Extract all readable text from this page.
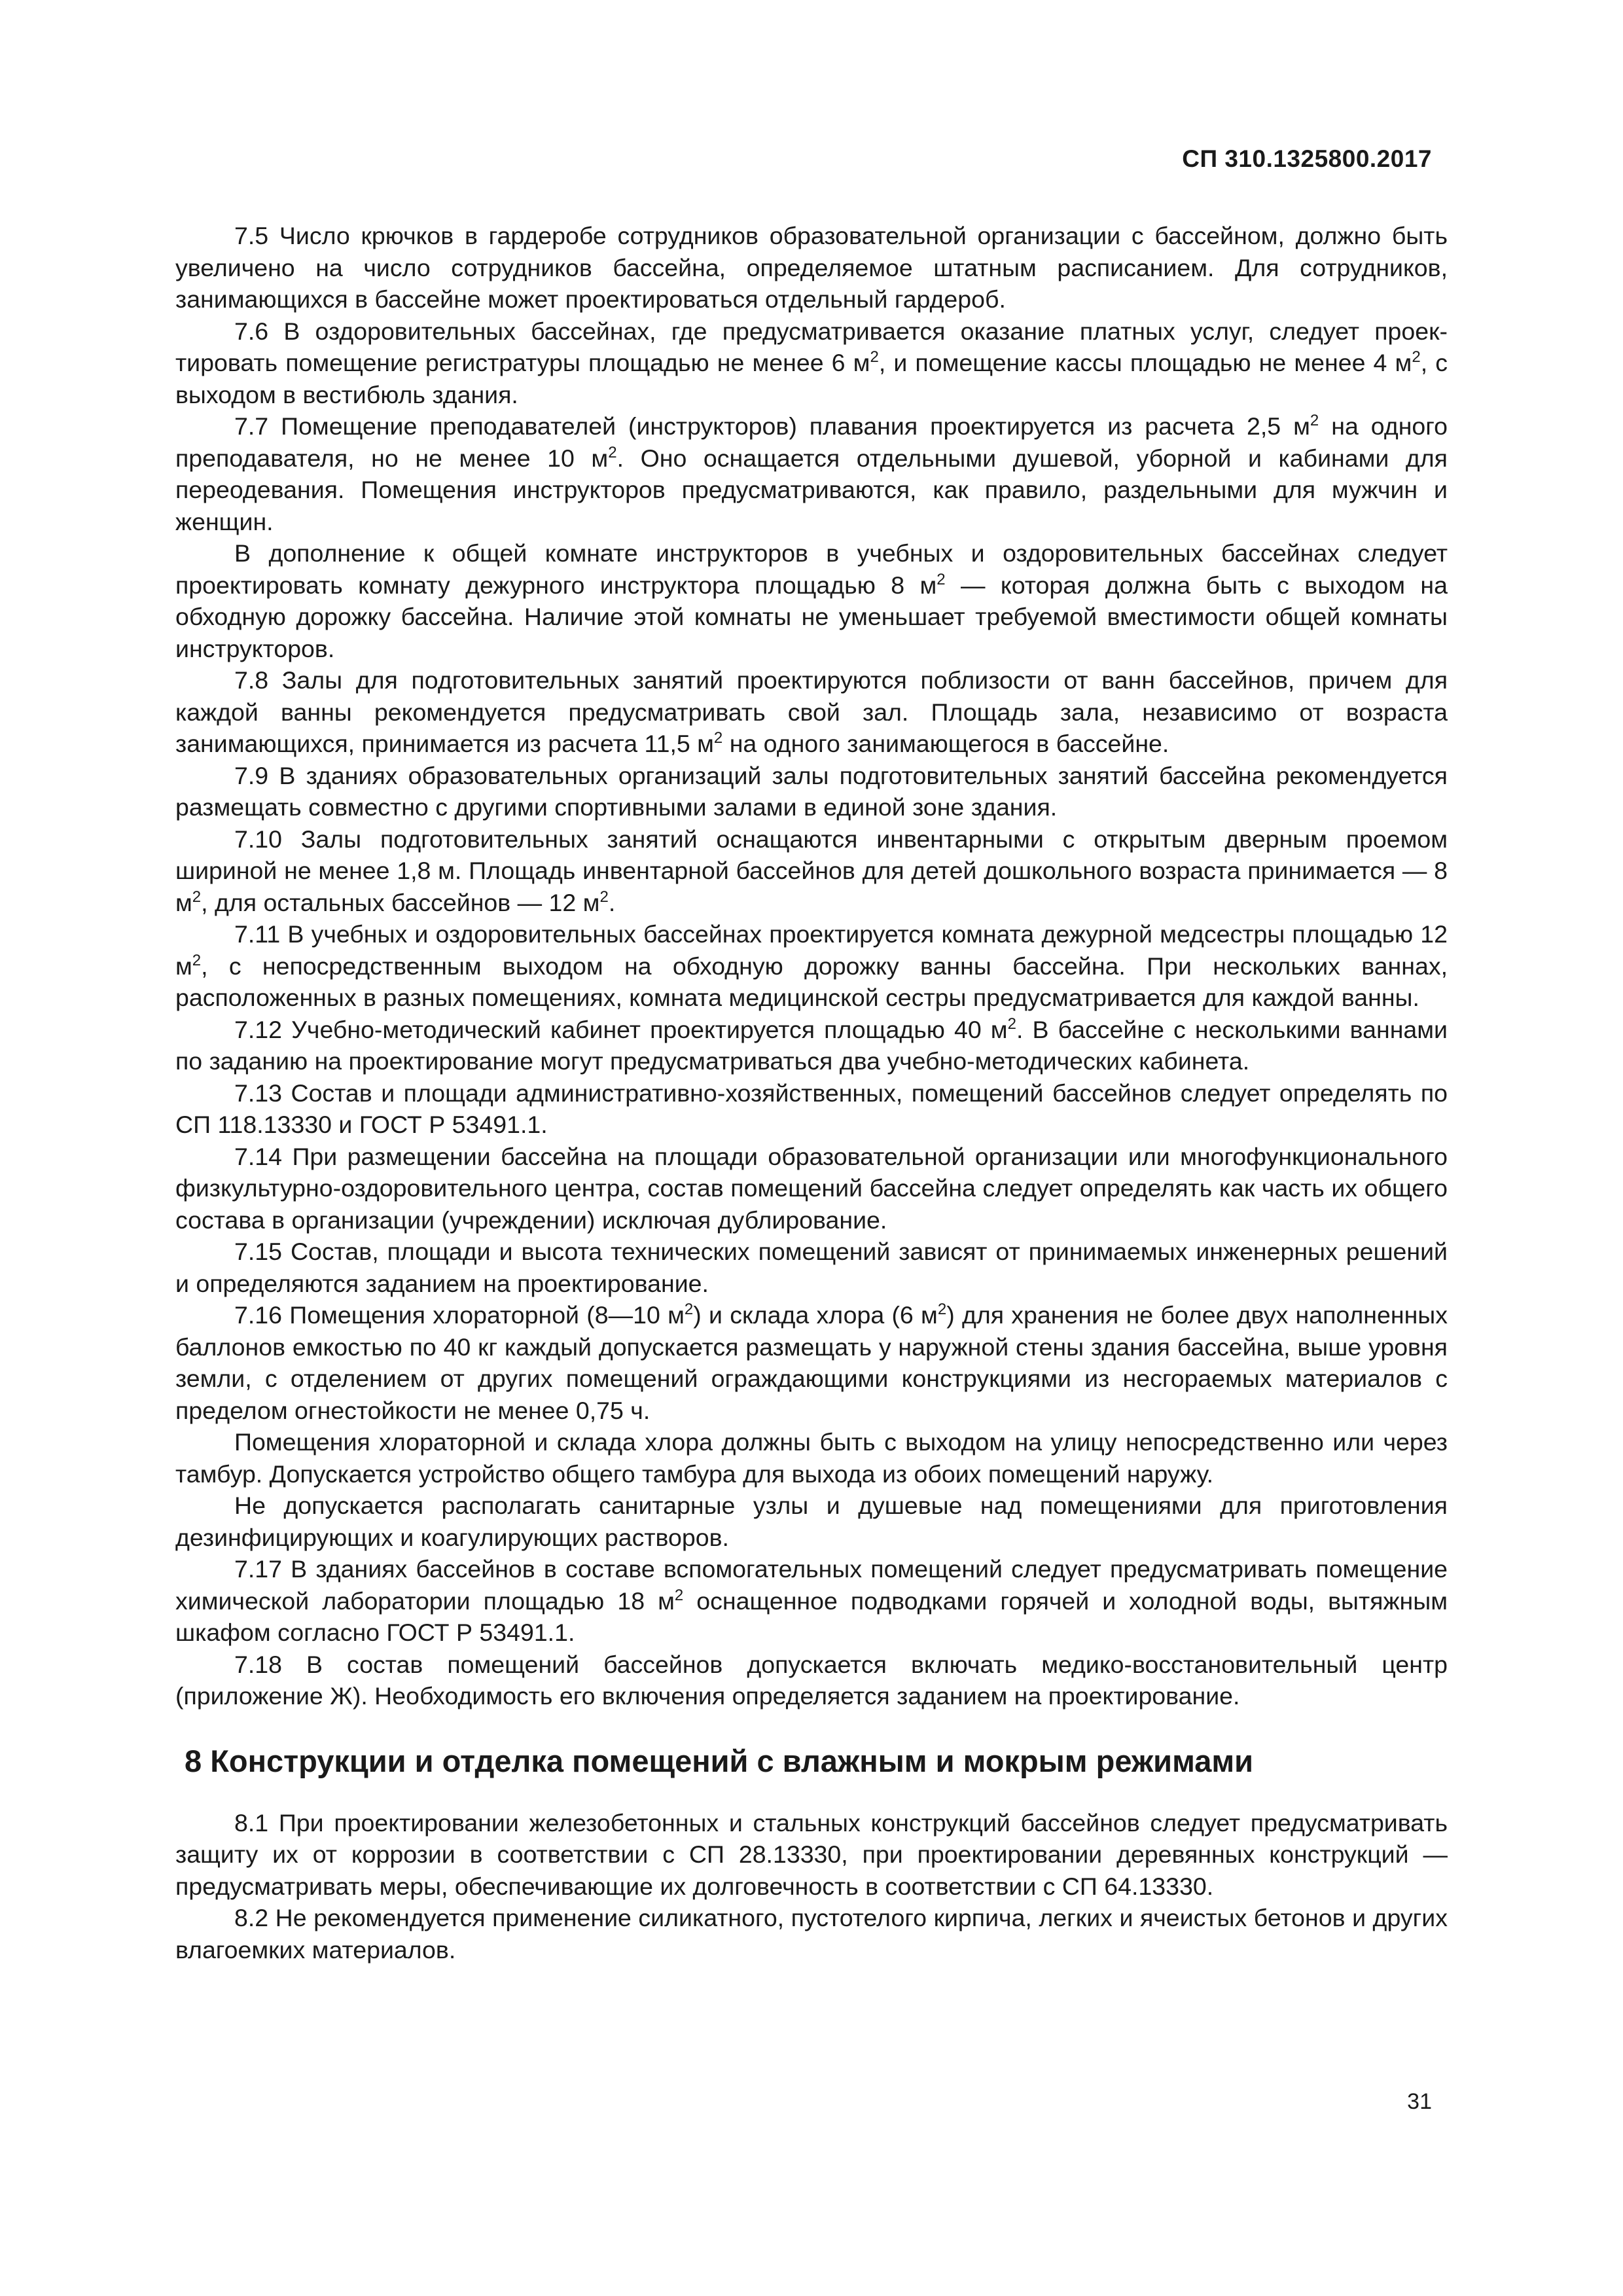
СП 310.1325800.2017

7.5 Число крючков в гардеробе сотрудников образовательной организации с бассейном, должно быть увеличено на число сотрудников бассейна, определяемое штатным расписанием. Для сотрудников, занимающихся в бассейне может проектироваться отдельный гардероб.

7.6 В оздоровительных бассейнах, где предусматривается оказание платных услуг, следует проектировать помещение регистратуры площадью не менее 6 $м^2$, и помещение кассы площадью не менее 4 $м^2$, с выходом в вестибюль здания.

7.7 Помещение преподавателей (инструкторов) плавания проектируется из расчета 2,5 $м^2$ на одного преподавателя, но не менее 10 $м^2$. Оно оснащается отдельными душевой, уборной и кабинами для переодевания. Помещения инструкторов предусматриваются, как правило, раздельными для мужчин и женщин.

В дополнение к общей комнате инструкторов в учебных и оздоровительных бассейнах следует проектировать комнату дежурного инструктора площадью 8 $м^2$ — которая должна быть с выходом на обходную дорожку бассейна. Наличие этой комнаты не уменьшает требуемой вместимости общей комнаты инструкторов.

7.8 Залы для подготовительных занятий проектируются поблизости от ванн бассейнов, причем для каждой ванны рекомендуется предусматривать свой зал. Площадь зала, независимо от возраста занимающихся, принимается из расчета 11,5 $м^2$ на одного занимающегося в бассейне.

7.9 В зданиях образовательных организаций залы подготовительных занятий бассейна рекомендуется размещать совместно с другими спортивными залами в единой зоне здания.

7.10 Залы подготовительных занятий оснащаются инвентарными с открытым дверным проемом шириной не менее 1,8 м. Площадь инвентарной бассейнов для детей дошкольного возраста принимается — 8 $м^2$, для остальных бассейнов — 12 $м^2$.

7.11 В учебных и оздоровительных бассейнах проектируется комната дежурной медсестры площадью 12 $м^2$, с непосредственным выходом на обходную дорожку ванны бассейна. При нескольких ваннах, расположенных в разных помещениях, комната медицинской сестры предусматривается для каждой ванны.

7.12 Учебно-методический кабинет проектируется площадью 40 $м^2$. В бассейне с несколькими ваннами по заданию на проектирование могут предусматриваться два учебно-методических кабинета.

7.13 Состав и площади административно-хозяйственных, помещений бассейнов следует определять по СП 118.13330 и ГОСТ Р 53491.1.

7.14 При размещении бассейна на площади образовательной организации или многофункционального физкультурно-оздоровительного центра, состав помещений бассейна следует определять как часть их общего состава в организации (учреждении) исключая дублирование.

7.15 Состав, площади и высота технических помещений зависят от принимаемых инженерных решений и определяются заданием на проектирование.

7.16 Помещения хлораторной (8—10 $м^2$) и склада хлора (6 $м^2$) для хранения не более двух наполненных баллонов емкостью по 40 кг каждый допускается размещать у наружной стены здания бассейна, выше уровня земли, с отделением от других помещений ограждающими конструкциями из несгораемых материалов с пределом огнестойкости не менее 0,75 ч.

Помещения хлораторной и склада хлора должны быть с выходом на улицу непосредственно или через тамбур. Допускается устройство общего тамбура для выхода из обоих помещений наружу.

Не допускается располагать санитарные узлы и душевые над помещениями для приготовления дезинфицирующих и коагулирующих растворов.

7.17 В зданиях бассейнов в составе вспомогательных помещений следует предусматривать помещение химической лаборатории площадью 18 $м^2$ оснащенное подводками горячей и холодной воды, вытяжным шкафом согласно ГОСТ Р 53491.1.

7.18 В состав помещений бассейнов допускается включать медико-восстановительный центр (приложение Ж). Необходимость его включения определяется заданием на проектирование.

8 Конструкции и отделка помещений с влажным и мокрым режимами

8.1 При проектировании железобетонных и стальных конструкций бассейнов следует предусматривать защиту их от коррозии в соответствии с СП 28.13330, при проектировании деревянных конструкций — предусматривать меры, обеспечивающие их долговечность в соответствии с СП 64.13330.

8.2 Не рекомендуется применение силикатного, пустотелого кирпича, легких и ячеистых бетонов и других влагоемких материалов.

31
